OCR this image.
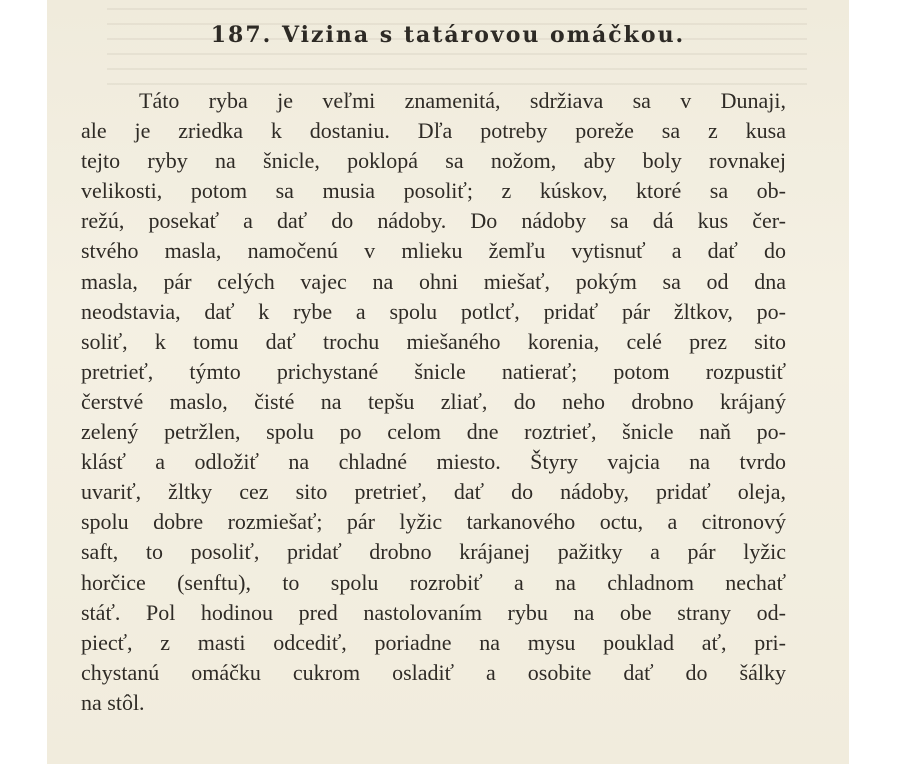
187. Vizina s tatárovou omáčkou.
Táto ryba je veľmi znamenitá, sdržiava sa v Dunaji,
ale je zriedka k dostaniu. Dľa potreby poreže sa z kusa
tejto ryby na šnicle, poklopá sa nožom, aby boly rovnakej
velikosti, potom sa musia posoliť; z kúskov, ktoré sa ob-
režú, posekať a dať do nádoby. Do nádoby sa dá kus čer-
stvého masla, namočenú v mlieku žemľu vytisnuť a dať do
masla, pár celých vajec na ohni miešať, pokým sa od dna
neodstavia, dať k rybe a spolu potlcť, pridať pár žltkov, po-
soliť, k tomu dať trochu miešaného korenia, celé prez sito
pretrieť, týmto prichystané šnicle natierať; potom rozpustiť
čerstvé maslo, čisté na tepšu zliať, do neho drobno krájaný
zelený petržlen, spolu po celom dne roztrieť, šnicle naň po-
klásť a odložiť na chladné miesto. Štyry vajcia na tvrdo
uvariť, žltky cez sito pretrieť, dať do nádoby, pridať oleja,
spolu dobre rozmiešať; pár lyžic tarkanového octu, a citronový
saft, to posoliť, pridať drobno krájanej pažitky a pár lyžic
horčice (senftu), to spolu rozrobiť a na chladnom nechať
stáť. Pol hodinou pred nastolovaním rybu na obe strany od-
piecť, z masti odcediť, poriadne na mysu pouklad ať, pri-
chystanú omáčku cukrom osladiť a osobite dať do šálky
na stôl.
